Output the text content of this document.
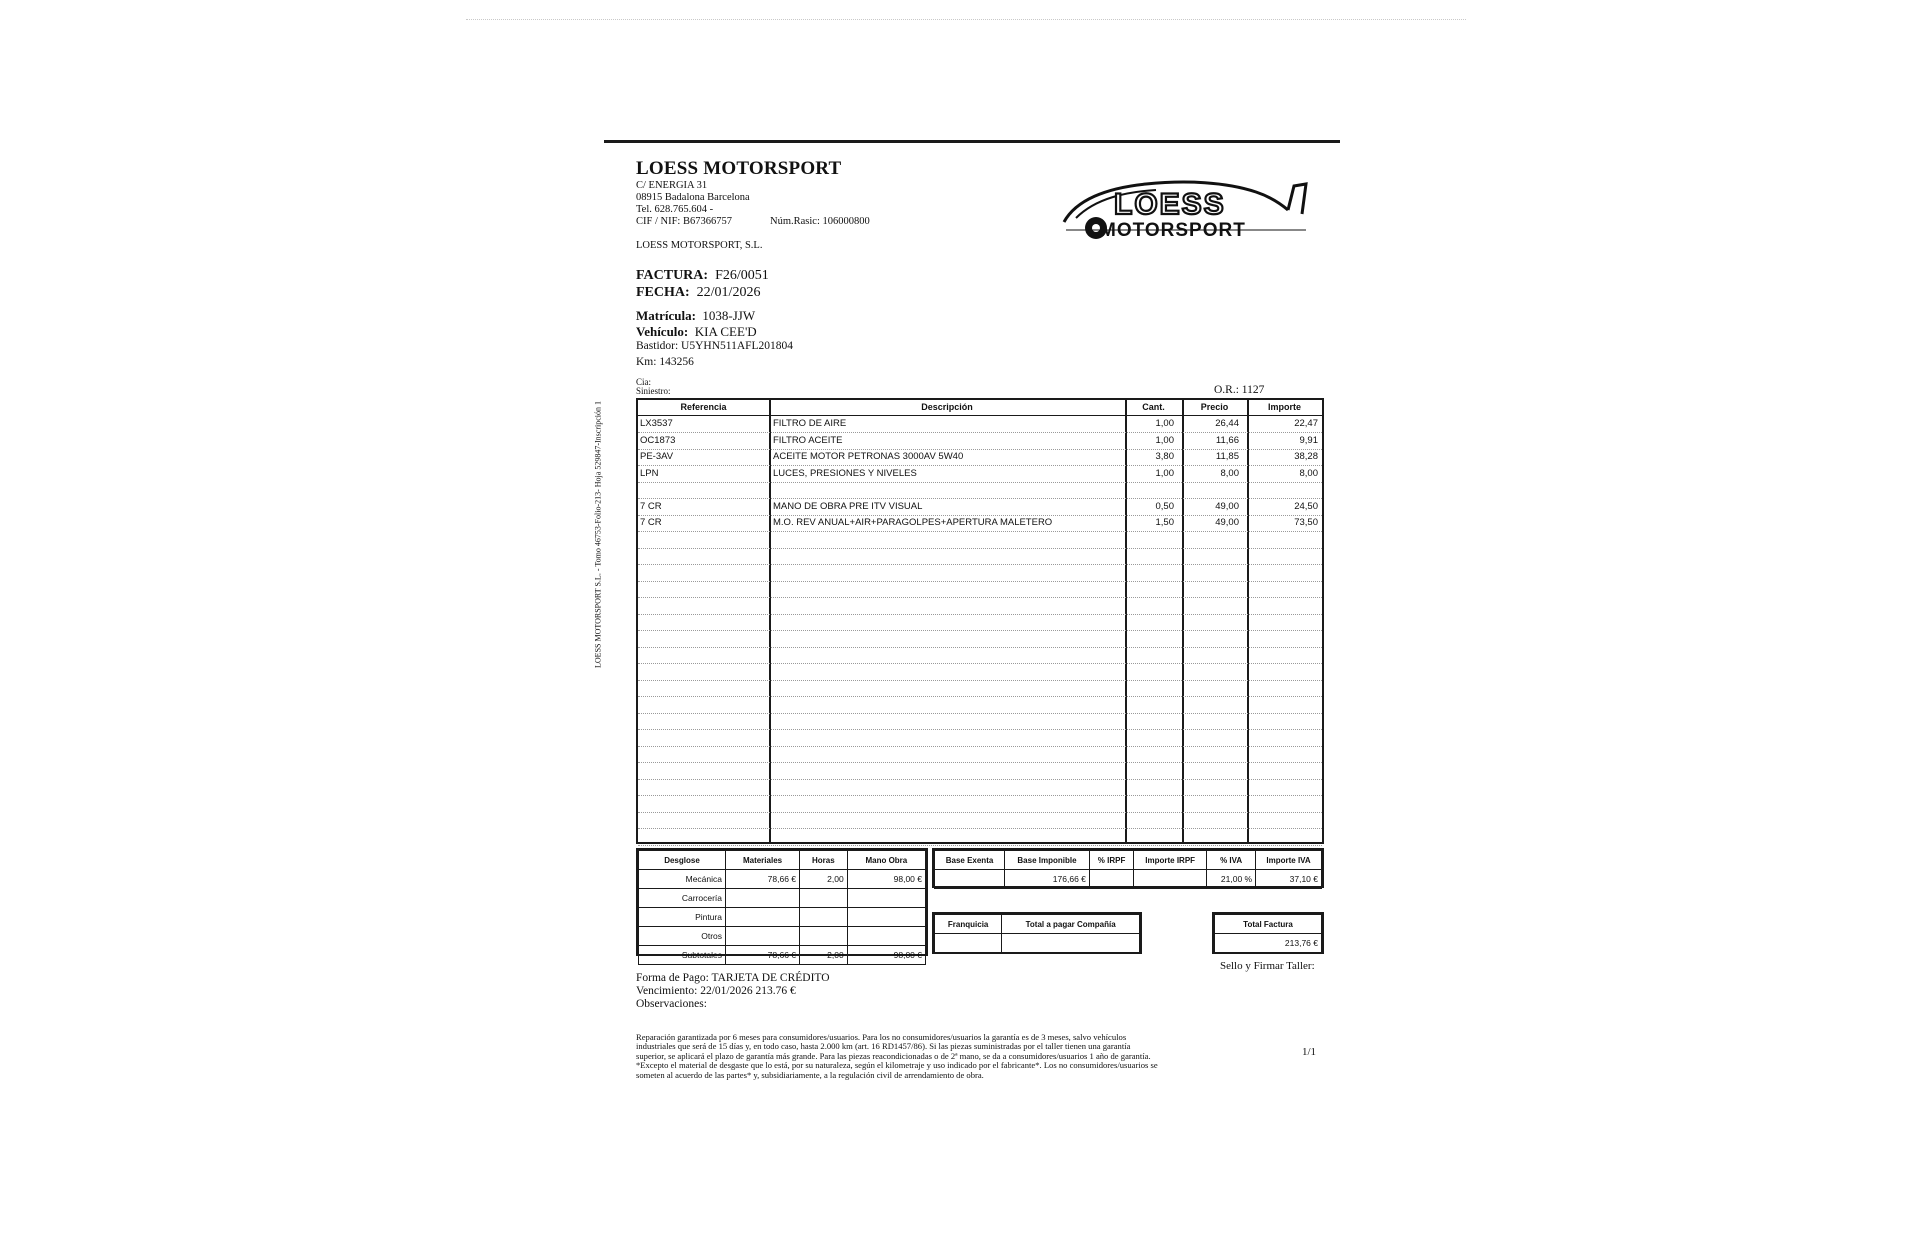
LOESS MOTORSPORT
C/ ENERGIA 31
08915 Badalona Barcelona
Tel. 628.765.604 -
CIF / NIF: B67366757	Núm.Rasic: 106000800
LOESS MOTORSPORT, S.L.
LOESS
MOTORSPORT
LOESS MOTORSPORT S.L. - Tomo 46753-Folio-213- Hoja 529847-Inscripción 1
FACTURA: F26/0051
FECHA: 22/01/2026
Matrícula: 1038-JJW
Vehículo: KIA CEE'D
Bastidor: U5YHN511AFL201804
Km: 143256
Cia:
Siniestro:	O.R.: 1127
Referencia	Descripción	Cant.	Precio	Importe
LX3537	FILTRO DE AIRE	1,00	26,44	22,47
OC1873	FILTRO ACEITE	1,00	11,66	9,91
PE-3AV	ACEITE MOTOR PETRONAS 3000AV 5W40	3,80	11,85	38,28
LPN	LUCES, PRESIONES Y NIVELES	1,00	8,00	8,00
7 CR	MANO DE OBRA PRE ITV VISUAL	0,50	49,00	24,50
7 CR	M.O. REV ANUAL+AIR+PARAGOLPES+APERTURA MALETERO	1,50	49,00	73,50
Desglose	Materiales	Horas	Mano Obra
Mecánica	78,66 €	2,00	98,00 €
Carrocería			
Pintura			
Otros			
Subtotales	78,66 €	2,00	98,00 €
Base Exenta	Base Imponible	% IRPF	Importe IRPF	% IVA	Importe IVA
	176,66 €			21,00 %	37,10 €
Franquicia	Total a pagar Compañía
		Total Factura
213,76 €
Sello y Firmar Taller:
Forma de Pago: TARJETA DE CRÉDITO
Vencimiento: 22/01/2026 213.76 €
Observaciones:
Reparación garantizada por 6 meses para consumidores/usuarios. Para los no consumidores/usuarios la garantía es de 3 meses, salvo vehículos
industriales que será de 15 días y, en todo caso, hasta 2.000 km (art. 16 RD1457/86). Si las piezas suministradas por el taller tienen una garantía
superior, se aplicará el plazo de garantía más grande. Para las piezas reacondicionadas o de 2ª mano, se da a consumidores/usuarios 1 año de garantía.
*Excepto el material de desgaste que lo está, por su naturaleza, según el kilometraje y uso indicado por el fabricante*. Los no consumidores/usuarios se
someten al acuerdo de las partes* y, subsidiariamente, a la regulación civil de arrendamiento de obra.
1/1
